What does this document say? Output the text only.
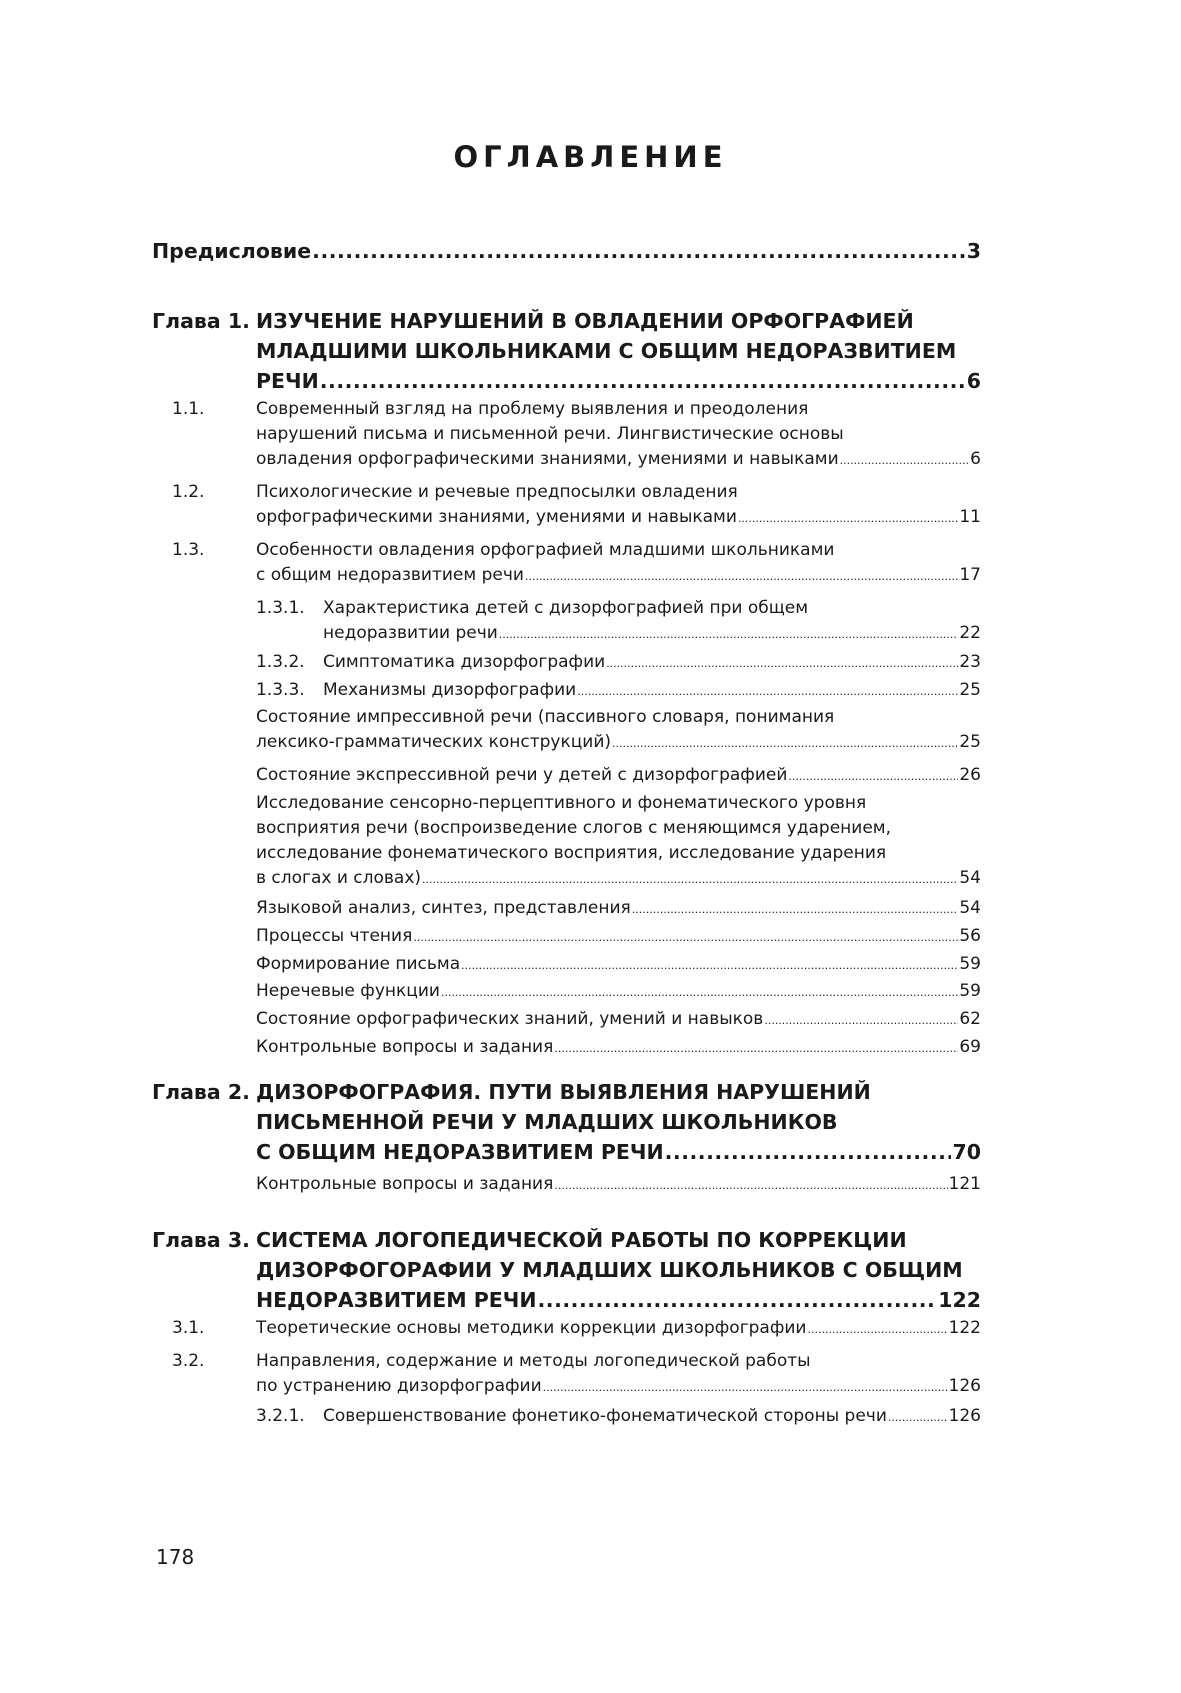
ОГЛАВЛЕНИЕ
Предисловие .....	3
Глава 1. ИЗУЧЕНИЕ НАРУШЕНИЙ В ОВЛАДЕНИИ ОРФОГРАФИЕЙ
МЛАДШИМИ ШКОЛЬНИКАМИ С ОБЩИМ НЕДОРАЗВИТИЕМ
РЕЧИ .....	6
1.1.	Современный взгляд на проблему выявления и преодоления
нарушений письма и письменной речи. Лингвистические основы
овладения орфографическими знаниями, умениями и навыками .....	6
1.2.	Психологические и речевые предпосылки овладения
орфографическими знаниями, умениями и навыками .....	11
1.3.	Особенности овладения орфографией младшими школьниками
с общим недоразвитием речи .....	17
1.3.1. Характеристика детей с дизорфографией при общем
недоразвитии речи .....	22
1.3.2. Симптоматика дизорфографии .....	23
1.3.3. Механизмы дизорфографии .....	25
Состояние импрессивной речи (пассивного словаря, понимания
лексико-грамматических конструкций) .....	25
Состояние экспрессивной речи у детей с дизорфографией .....	26
Исследование сенсорно-перцептивного и фонематического уровня
восприятия речи (воспроизведение слогов с меняющимся ударением,
исследование фонематического восприятия, исследование ударения
в слогах и словах) .....	54
Языковой анализ, синтез, представления .....	54
Процессы чтения .....	56
Формирование письма .....	59
Неречевые функции .....	59
Состояние орфографических знаний, умений и навыков .....	62
Контрольные вопросы и задания .....	69
Глава 2. ДИЗОРФОГРАФИЯ. ПУТИ ВЫЯВЛЕНИЯ НАРУШЕНИЙ
ПИСЬМЕННОЙ РЕЧИ У МЛАДШИХ ШКОЛЬНИКОВ
С ОБЩИМ НЕДОРАЗВИТИЕМ РЕЧИ .....	70
Контрольные вопросы и задания .....	121
Глава 3. СИСТЕМА ЛОГОПЕДИЧЕСКОЙ РАБОТЫ ПО КОРРЕКЦИИ
ДИЗОРФОГОРАФИИ У МЛАДШИХ ШКОЛЬНИКОВ С ОБЩИМ
НЕДОРАЗВИТИЕМ РЕЧИ .....	122
3.1.	Теоретические основы методики коррекции дизорфографии .....	122
3.2.	Направления, содержание и методы логопедической работы
по устранению дизорфографии .....	126
3.2.1. Совершенствование фонетико-фонематической стороны речи .....	126
178
